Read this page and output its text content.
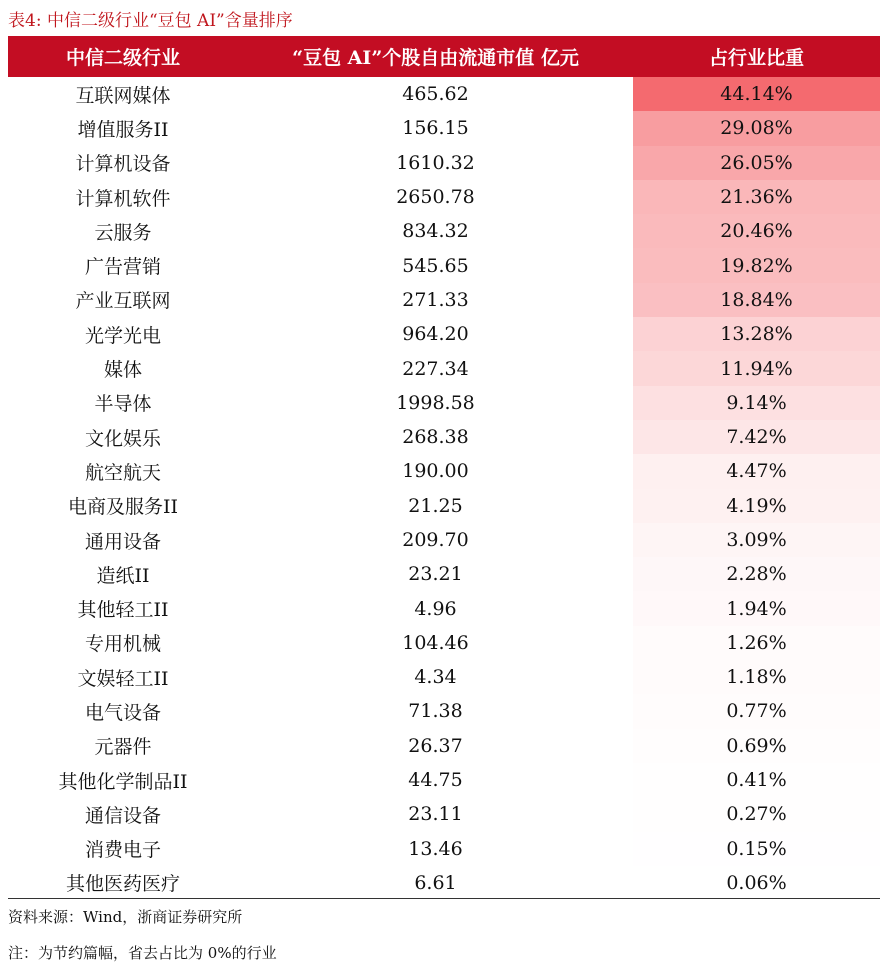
表4: 中信二级行业“豆包 AI”含量排序
中信二级行业	“豆包 AI”个股自由流通市值 亿元	占行业比重
互联网媒体	465.62	44.14%
增值服务II	156.15	29.08%
计算机设备	1610.32	26.05%
计算机软件	2650.78	21.36%
云服务	834.32	20.46%
广告营销	545.65	19.82%
产业互联网	271.33	18.84%
光学光电	964.20	13.28%
媒体	227.34	11.94%
半导体	1998.58	9.14%
文化娱乐	268.38	7.42%
航空航天	190.00	4.47%
电商及服务II	21.25	4.19%
通用设备	209.70	3.09%
造纸II	23.21	2.28%
其他轻工II	4.96	1.94%
专用机械	104.46	1.26%
文娱轻工II	4.34	1.18%
电气设备	71.38	0.77%
元器件	26.37	0.69%
其他化学制品II	44.75	0.41%
通信设备	23.11	0.27%
消费电子	13.46	0.15%
其他医药医疗	6.61	0.06%
资料来源：Wind，浙商证券研究所
注：为节约篇幅，省去占比为 0%的行业
